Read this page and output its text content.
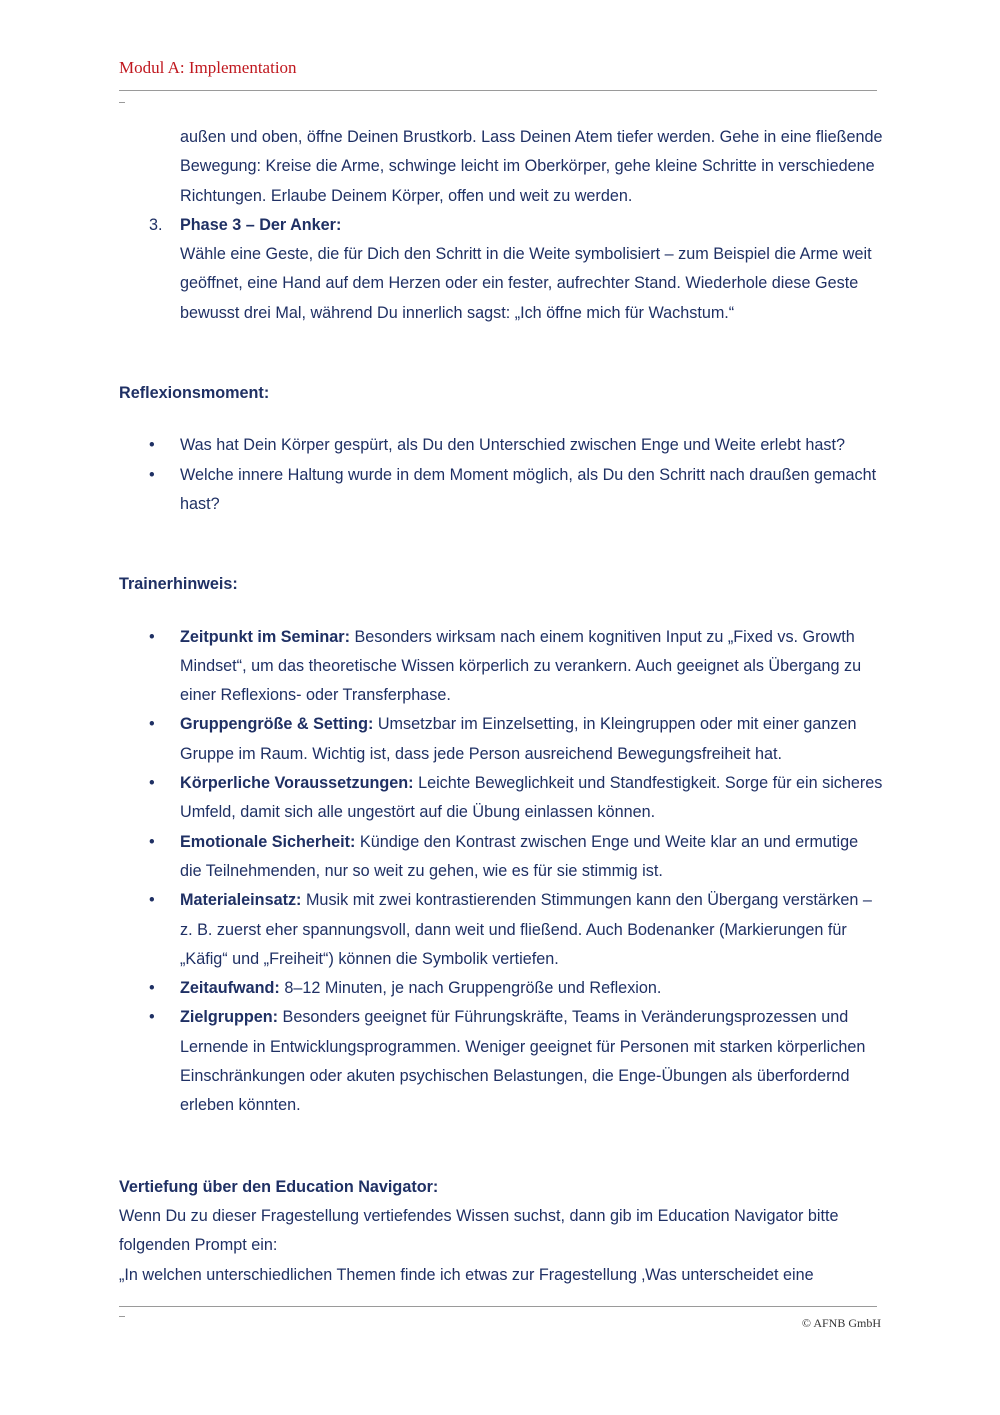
Modul A: Implementation
außen und oben, öffne Deinen Brustkorb. Lass Deinen Atem tiefer werden. Gehe in eine fließende Bewegung: Kreise die Arme, schwinge leicht im Oberkörper, gehe kleine Schritte in verschiedene Richtungen. Erlaube Deinem Körper, offen und weit zu werden.
3. Phase 3 – Der Anker:
Wähle eine Geste, die für Dich den Schritt in die Weite symbolisiert – zum Beispiel die Arme weit geöffnet, eine Hand auf dem Herzen oder ein fester, aufrechter Stand. Wiederhole diese Geste bewusst drei Mal, während Du innerlich sagst: „Ich öffne mich für Wachstum.“
Reflexionsmoment:
• Was hat Dein Körper gespürt, als Du den Unterschied zwischen Enge und Weite erlebt hast?
• Welche innere Haltung wurde in dem Moment möglich, als Du den Schritt nach draußen gemacht hast?
Trainerhinweis:
• Zeitpunkt im Seminar: Besonders wirksam nach einem kognitiven Input zu „Fixed vs. Growth Mindset“, um das theoretische Wissen körperlich zu verankern. Auch geeignet als Übergang zu einer Reflexions- oder Transferphase.
• Gruppengröße & Setting: Umsetzbar im Einzelsetting, in Kleingruppen oder mit einer ganzen Gruppe im Raum. Wichtig ist, dass jede Person ausreichend Bewegungsfreiheit hat.
• Körperliche Voraussetzungen: Leichte Beweglichkeit und Standfestigkeit. Sorge für ein sicheres Umfeld, damit sich alle ungestört auf die Übung einlassen können.
• Emotionale Sicherheit: Kündige den Kontrast zwischen Enge und Weite klar an und ermutige die Teilnehmenden, nur so weit zu gehen, wie es für sie stimmig ist.
• Materialeinsatz: Musik mit zwei kontrastierenden Stimmungen kann den Übergang verstärken – z. B. zuerst eher spannungsvoll, dann weit und fließend. Auch Bodenanker (Markierungen für „Käfig“ und „Freiheit“) können die Symbolik vertiefen.
• Zeitaufwand: 8–12 Minuten, je nach Gruppengröße und Reflexion.
• Zielgruppen: Besonders geeignet für Führungskräfte, Teams in Veränderungsprozessen und Lernende in Entwicklungsprogrammen. Weniger geeignet für Personen mit starken körperlichen Einschränkungen oder akuten psychischen Belastungen, die Enge-Übungen als überfordernd erleben könnten.
Vertiefung über den Education Navigator:
Wenn Du zu dieser Fragestellung vertiefendes Wissen suchst, dann gib im Education Navigator bitte folgenden Prompt ein:
„In welchen unterschiedlichen Themen finde ich etwas zur Fragestellung ‚Was unterscheidet eine
© AFNB GmbH
